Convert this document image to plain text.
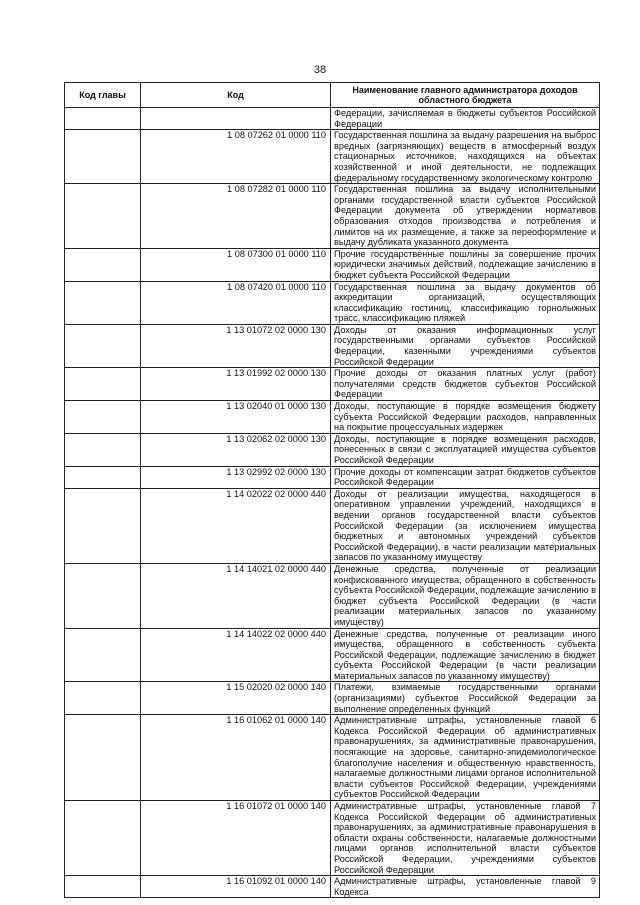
38
Код главы	Код	Наименование главного администратора доходов областного бюджета
		Федерации, зачисляемая в бюджеты субъектов Российской Федерации
	1 08 07262 01 0000 110	Государственная пошлина за выдачу разрешения на выброс вредных (загрязняющих) веществ в атмосферный воздух стационарных источников, находящихся на объектах хозяйственной и иной деятельности, не подлежащих федеральному государственному экологическому контролю
	1 08 07282 01 0000 110	Государственная пошлина за выдачу исполнительными органами государственной власти субъектов Российской Федерации документа об утверждении нормативов образования отходов производства и потребления и лимитов на их размещение, а также за переоформление и выдачу дубликата указанного документа
	1 08 07300 01 0000 110	Прочие государственные пошлины за совершение прочих юридически значимых действий, подлежащие зачислению в бюджет субъекта Российской Федерации
	1 08 07420 01 0000 110	Государственная пошлина за выдачу документов об аккредитации организаций, осуществляющих классификацию гостиниц, классификацию горнолыжных трасс, классификацию пляжей
	1 13 01072 02 0000 130	Доходы от оказания информационных услуг государственными органами субъектов Российской Федерации, казенными учреждениями субъектов Российской Федерации
	1 13 01992 02 0000 130	Прочие доходы от оказания платных услуг (работ) получателями средств бюджетов субъектов Российской Федерации
	1 13 02040 01 0000 130	Доходы, поступающие в порядке возмещения бюджету субъекта Российской Федерации расходов, направленных на покрытие процессуальных издержек
	1 13 02062 02 0000 130	Доходы, поступающие в порядке возмещения расходов, понесенных в связи с эксплуатацией имущества субъектов Российской Федерации
	1 13 02992 02 0000 130	Прочие доходы от компенсации затрат бюджетов субъектов Российской Федерации
	1 14 02022 02 0000 440	Доходы от реализации имущества, находящегося в оперативном управлении учреждений, находящихся в ведении органов государственной власти субъектов Российской Федерации (за исключением имущества бюджетных и автономных учреждений субъектов Российской Федерации), в части реализации материальных запасов по указанному имуществу
	1 14 14021 02 0000 440	Денежные средства, полученные от реализации конфискованного имущества, обращенного в собственность субъекта Российской Федерации, подлежащие зачислению в бюджет субъекта Российской Федерации (в части реализации материальных запасов по указанному имуществу)
	1 14 14022 02 0000 440	Денежные средства, полученные от реализации иного имущества, обращенного в собственность субъекта Российской Федерации, подлежащие зачислению в бюджет субъекта Российской Федерации (в части реализации материальных запасов по указанному имуществу)
	1 15 02020 02 0000 140	Платежи, взимаемые государственными органами (организациями) субъектов Российской Федерации за выполнение определенных функций
	1 16 01062 01 0000 140	Административные штрафы, установленные главой 6 Кодекса Российской Федерации об административных правонарушениях, за административные правонарушения, посягающие на здоровье, санитарно-эпидемиологическое благополучие населения и общественную нравственность, налагаемые должностными лицами органов исполнительной власти субъектов Российской Федерации, учреждениями субъектов Российской Федерации
	1 16 01072 01 0000 140	Административные штрафы, установленные главой 7 Кодекса Российской Федерации об административных правонарушениях, за административные правонарушения в области охраны собственности, налагаемые должностными лицами органов исполнительной власти субъектов Российской Федерации, учреждениями субъектов Российской Федерации
	1 16 01092 01 0000 140	Административные штрафы, установленные главой 9 Кодекса
